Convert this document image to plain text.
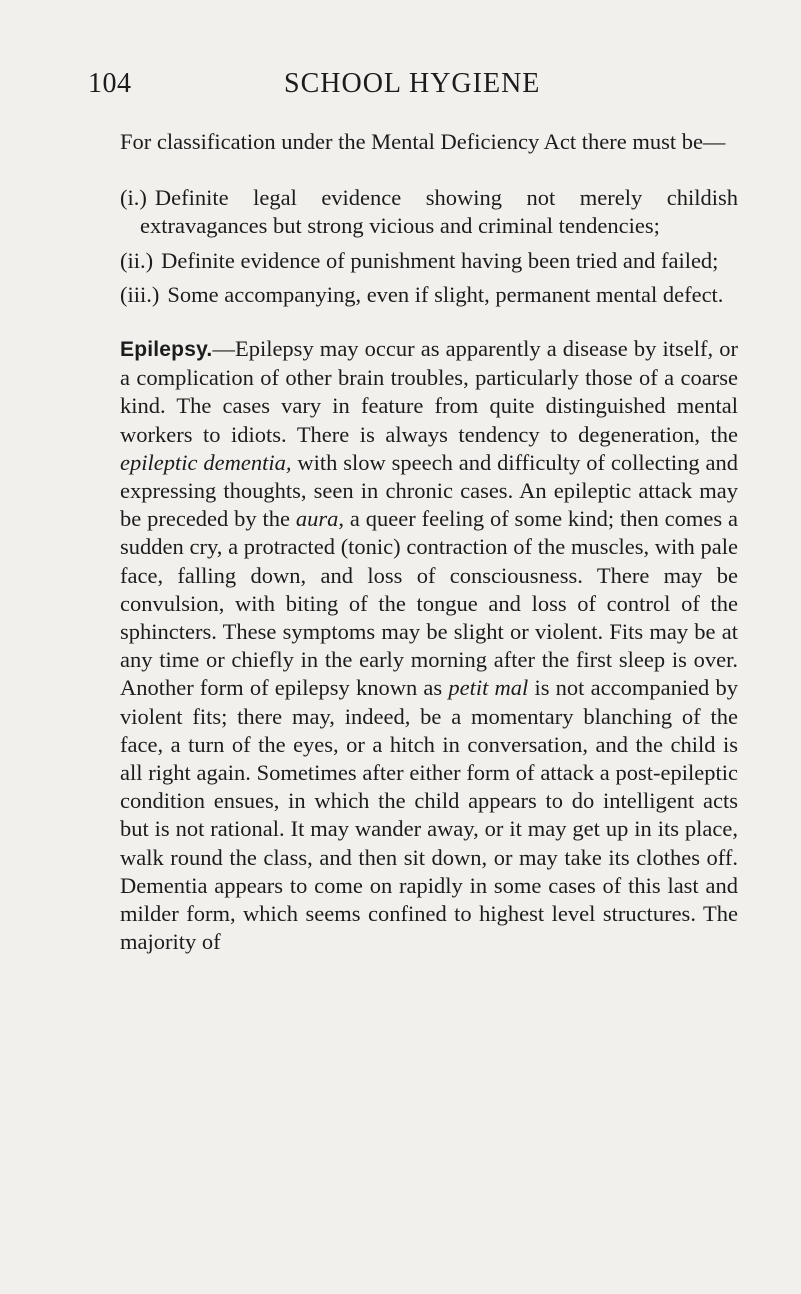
104	SCHOOL HYGIENE

For classification under the Mental Deficiency Act there must be—

(i.) Definite legal evidence showing not merely childish extravagances but strong vicious and criminal tendencies;
(ii.) Definite evidence of punishment having been tried and failed;
(iii.) Some accompanying, even if slight, permanent mental defect.

Epilepsy.—Epilepsy may occur as apparently a disease by itself, or a complication of other brain troubles, particularly those of a coarse kind. The cases vary in feature from quite distinguished mental workers to idiots. There is always tendency to degeneration, the epileptic dementia, with slow speech and difficulty of collecting and expressing thoughts, seen in chronic cases. An epileptic attack may be preceded by the aura, a queer feeling of some kind; then comes a sudden cry, a protracted (tonic) contraction of the muscles, with pale face, falling down, and loss of consciousness. There may be convulsion, with biting of the tongue and loss of control of the sphincters. These symptoms may be slight or violent. Fits may be at any time or chiefly in the early morning after the first sleep is over. Another form of epilepsy known as petit mal is not accompanied by violent fits; there may, indeed, be a momentary blanching of the face, a turn of the eyes, or a hitch in conversation, and the child is all right again. Sometimes after either form of attack a post-epileptic condition ensues, in which the child appears to do intelligent acts but is not rational. It may wander away, or it may get up in its place, walk round the class, and then sit down, or may take its clothes off. Dementia appears to come on rapidly in some cases of this last and milder form, which seems confined to highest level structures. The majority of
